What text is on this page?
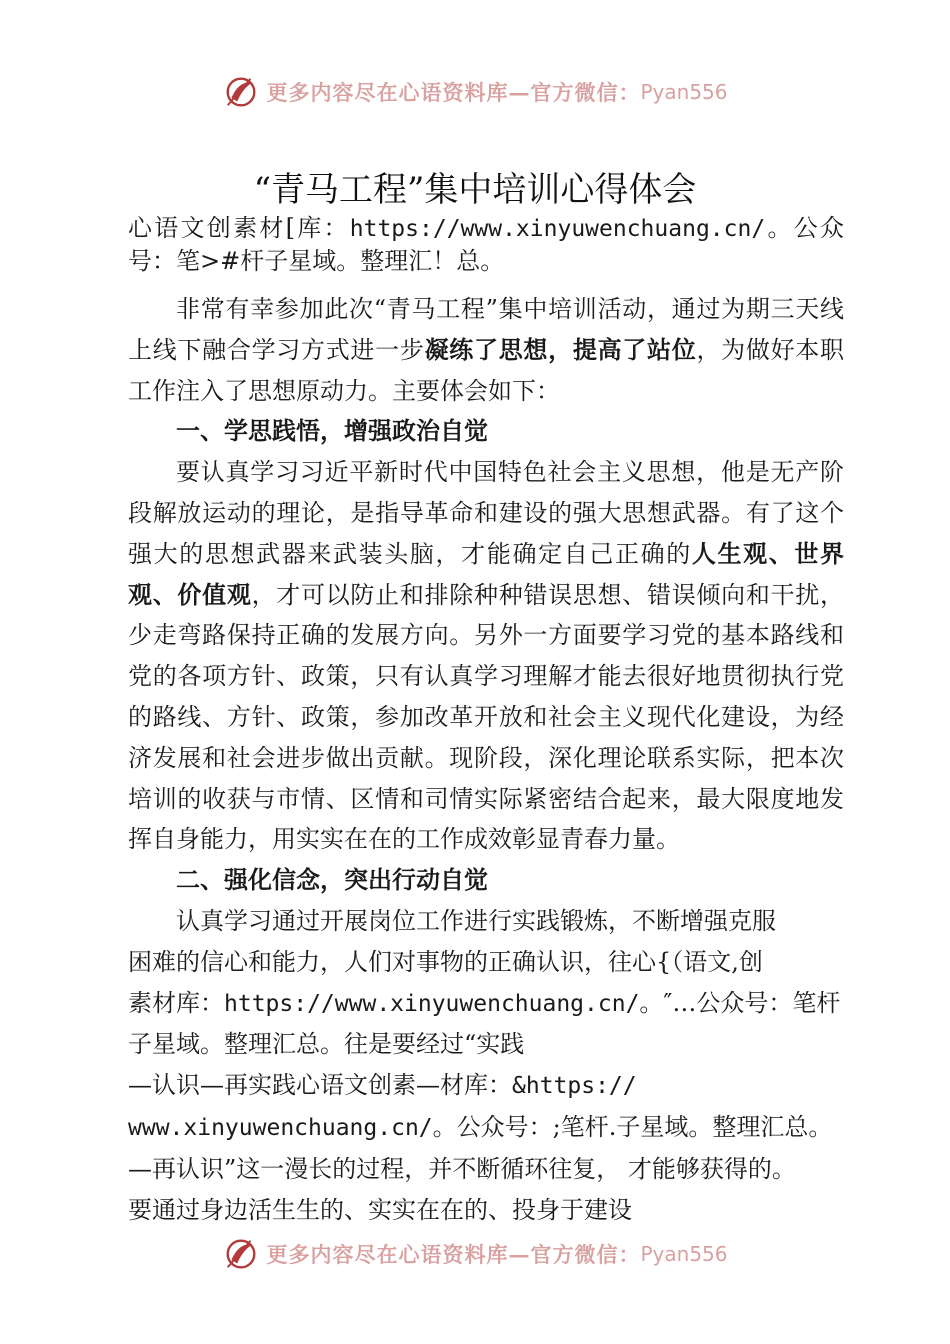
更多内容尽在心语资料库—官方微信： Pyan556
“青马工程”集中培训心得体会

心语文创素材[库：https://www.xinyuwenchuang.cn/。公众号：笔>#杆子星域。整理汇！总。

非常有幸参加此次“青马工程”集中培训活动，通过为期三天线上线下融合学习方式进一步凝练了思想，提高了站位，为做好本职工作注入了思想原动力。主要体会如下：

一、学思践悟，增强政治自觉

要认真学习习近平新时代中国特色社会主义思想，他是无产阶段解放运动的理论，是指导革命和建设的强大思想武器。有了这个强大的思想武器来武装头脑，才能确定自己正确的人生观、世界观、价值观，才可以防止和排除种种错误思想、错误倾向和干扰，少走弯路保持正确的发展方向。另外一方面要学习党的基本路线和党的各项方针、政策，只有认真学习理解才能去很好地贯彻执行党的路线、方针、政策，参加改革开放和社会主义现代化建设，为经济发展和社会进步做出贡献。现阶段，深化理论联系实际，把本次培训的收获与市情、区情和司情实际紧密结合起来，最大限度地发挥自身能力，用实实在在的工作成效彰显青春力量。

二、强化信念，突出行动自觉

认真学习通过开展岗位工作进行实践锻炼，不断增强克服

困难的信心和能力，人们对事物的正确认识，往心{（语文,创

素材库：https://www.xinyuwenchuang.cn/。″…公众号：笔杆

子星域。整理汇总。往是要经过“实践

—认识—再实践心语文创素—材库：&https://

www.xinyuwenchuang.cn/。公众号：;笔杆.子星域。整理汇总。

—再认识”这一漫长的过程，并不断循环往复， 才能够获得的。

要通过身边活生生的、实实在在的、投身于建设

更多内容尽在心语资料库—官方微信： Pyan556
